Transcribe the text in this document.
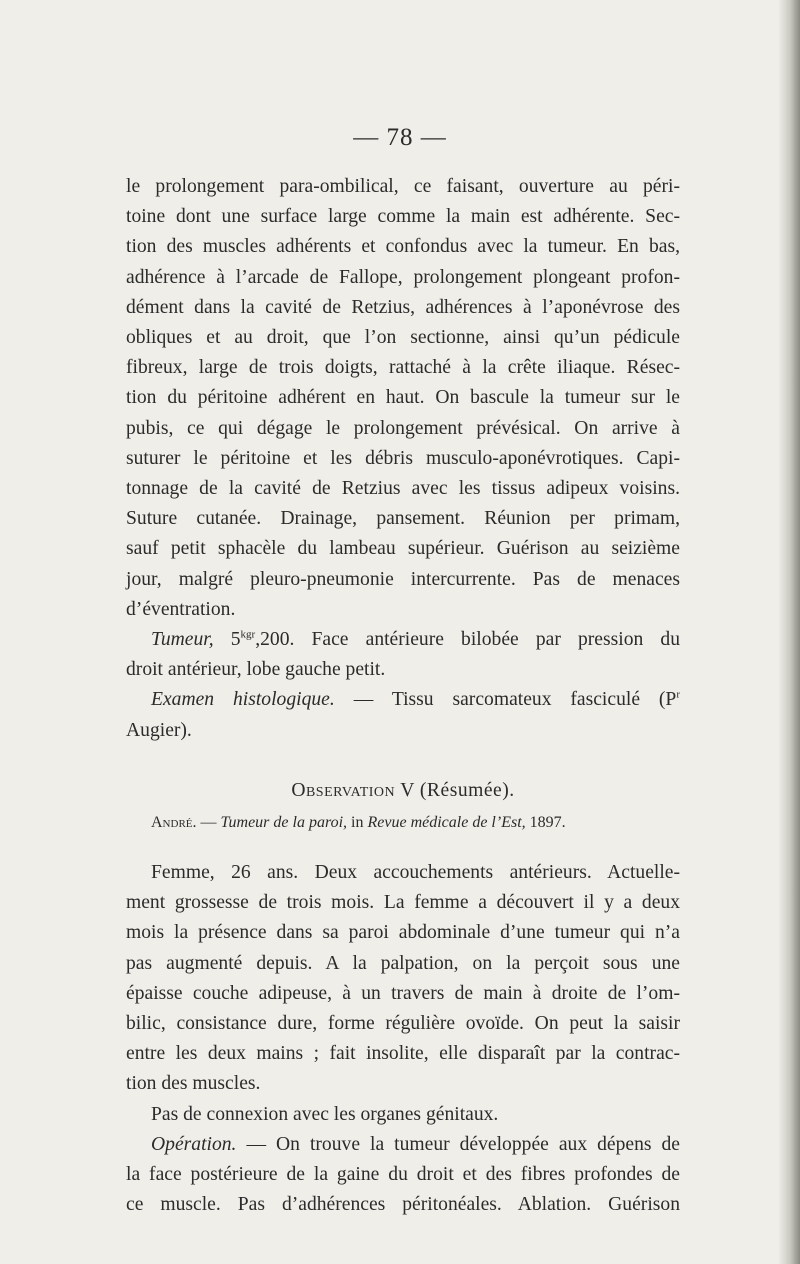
— 78 —

le prolongement para-ombilical, ce faisant, ouverture au péri-

toine dont une surface large comme la main est adhérente. Sec-

tion des muscles adhérents et confondus avec la tumeur. En bas,

adhérence à l’arcade de Fallope, prolongement plongeant profon-

dément dans la cavité de Retzius, adhérences à l’aponévrose des

obliques et au droit, que l’on sectionne, ainsi qu’un pédicule

fibreux, large de trois doigts, rattaché à la crête iliaque. Résec-

tion du péritoine adhérent en haut. On bascule la tumeur sur le

pubis, ce qui dégage le prolongement prévésical. On arrive à

suturer le péritoine et les débris musculo-aponévrotiques. Capi-

tonnage de la cavité de Retzius avec les tissus adipeux voisins.

Suture cutanée. Drainage, pansement. Réunion per primam,

sauf petit sphacèle du lambeau supérieur. Guérison au seizième

jour, malgré pleuro-pneumonie intercurrente. Pas de menaces

d’éventration.

Tumeur, $5^{kgr},200$. Face antérieure bilobée par pression du

droit antérieur, lobe gauche petit.

Examen histologique. — Tissu sarcomateux fasciculé ($P^r$

Augier).

Observation V (Résumée).

André. — Tumeur de la paroi, in Revue médicale de l’Est, 1897.

Femme, 26 ans. Deux accouchements antérieurs. Actuelle-

ment grossesse de trois mois. La femme a découvert il y a deux

mois la présence dans sa paroi abdominale d’une tumeur qui n’a

pas augmenté depuis. A la palpation, on la perçoit sous une

épaisse couche adipeuse, à un travers de main à droite de l’om-

bilic, consistance dure, forme régulière ovoïde. On peut la saisir

entre les deux mains ; fait insolite, elle disparaît par la contrac-

tion des muscles.

Pas de connexion avec les organes génitaux.

Opération. — On trouve la tumeur développée aux dépens de

la face postérieure de la gaine du droit et des fibres profondes de

ce muscle. Pas d’adhérences péritonéales. Ablation. Guérison
